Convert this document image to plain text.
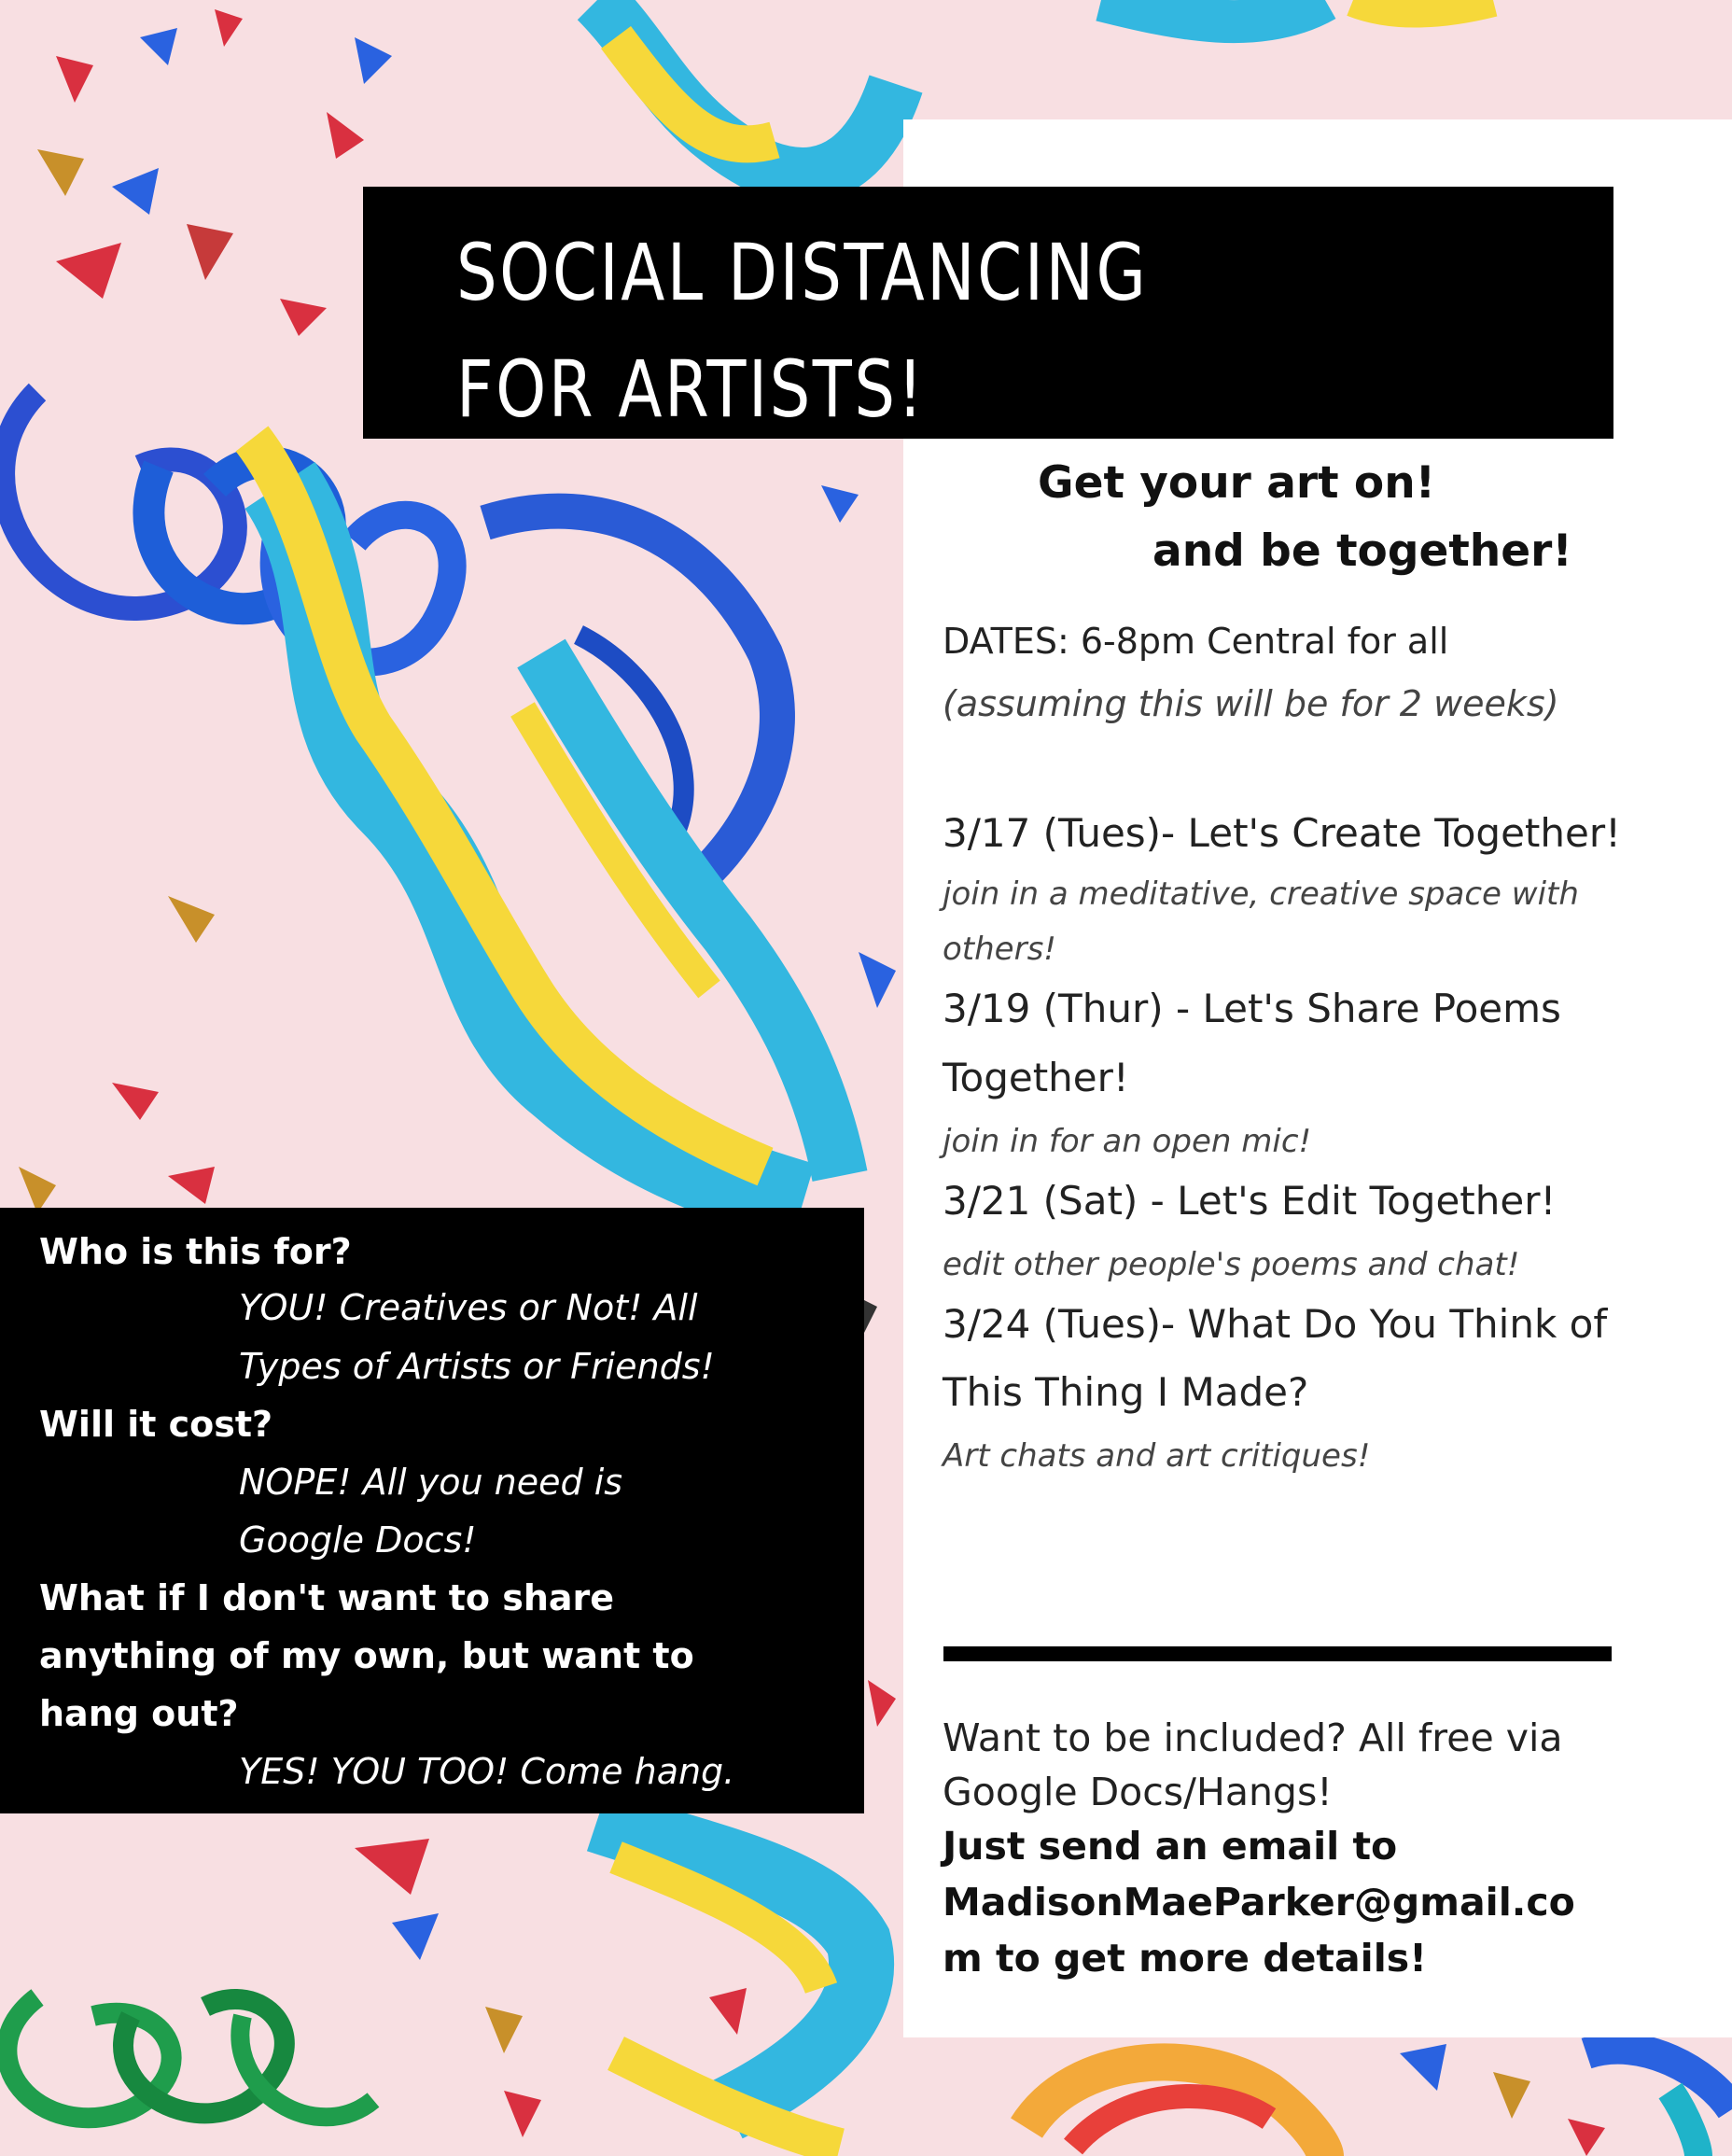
SOCIAL DISTANCING
FOR ARTISTS!
Get your art on!
and be together!
DATES: 6-8pm Central for all
(assuming this will be for 2 weeks)
3/17 (Tues)- Let's Create Together!
join in a meditative, creative space with
others!
3/19 (Thur) - Let's Share Poems
Together!
join in for an open mic!
3/21 (Sat) - Let's Edit Together!
edit other people's poems and chat!
3/24 (Tues)- What Do You Think of
This Thing I Made?
Art chats and art critiques!
Want to be included? All free via
Google Docs/Hangs!
Just send an email to
MadisonMaeParker@gmail.co
m to get more details!
Who is this for?
YOU! Creatives or Not! All
Types of Artists or Friends!
Will it cost?
NOPE! All you need is
Google Docs!
What if I don't want to share
anything of my own, but want to
hang out?
YES! YOU TOO! Come hang.
